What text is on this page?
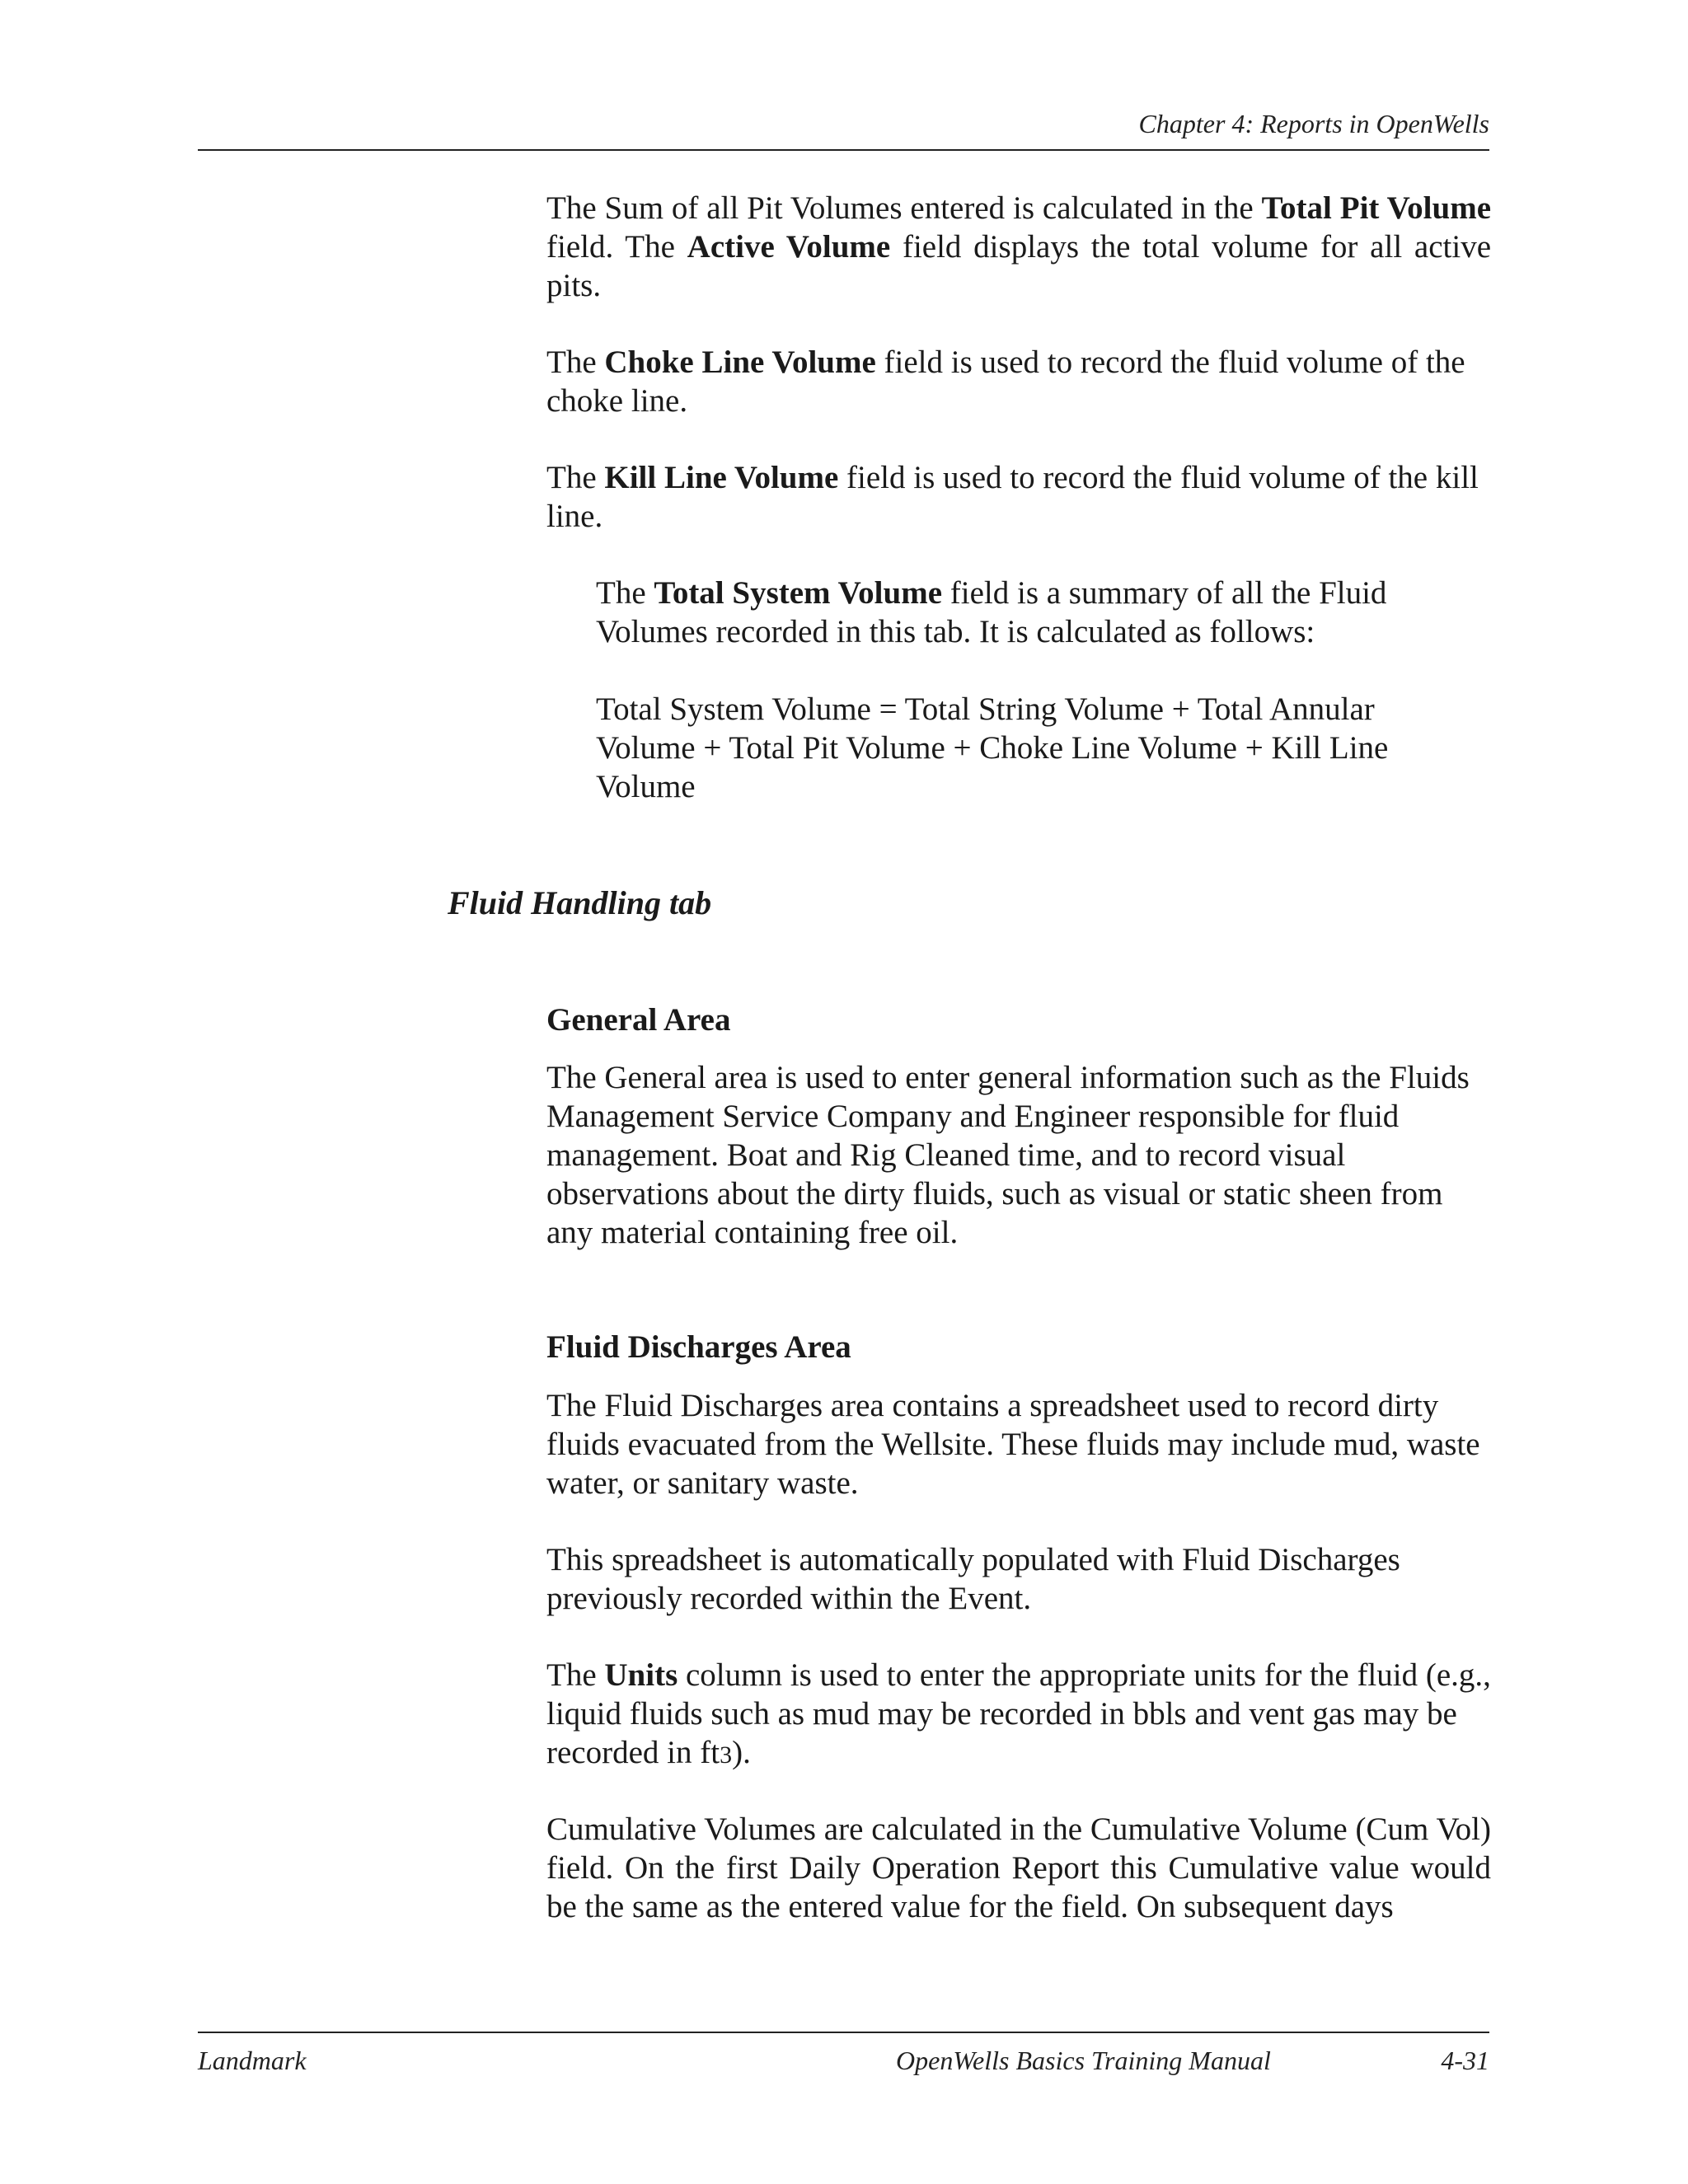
Chapter 4: Reports in OpenWells

The Sum of all Pit Volumes entered is calculated in the Total Pit Volume field. The Active Volume field displays the total volume for all active pits.

The Choke Line Volume field is used to record the fluid volume of the choke line.

The Kill Line Volume field is used to record the fluid volume of the kill line.

The Total System Volume field is a summary of all the Fluid Volumes recorded in this tab. It is calculated as follows:

Total System Volume = Total String Volume + Total Annular Volume + Total Pit Volume + Choke Line Volume + Kill Line Volume

Fluid Handling tab
General Area

The General area is used to enter general information such as the Fluids Management Service Company and Engineer responsible for fluid management. Boat and Rig Cleaned time, and to record visual observations about the dirty fluids, such as visual or static sheen from any material containing free oil.

Fluid Discharges Area

The Fluid Discharges area contains a spreadsheet used to record dirty fluids evacuated from the Wellsite. These fluids may include mud, waste water, or sanitary waste.

This spreadsheet is automatically populated with Fluid Discharges previously recorded within the Event.

The Units column is used to enter the appropriate units for the fluid (e.g., liquid fluids such as mud may be recorded in bbls and vent gas may be recorded in ft3).

Cumulative Volumes are calculated in the Cumulative Volume (Cum Vol) field. On the first Daily Operation Report this Cumulative value would be the same as the entered value for the field. On subsequent days

Landmark	OpenWells Basics Training Manual	4-31
